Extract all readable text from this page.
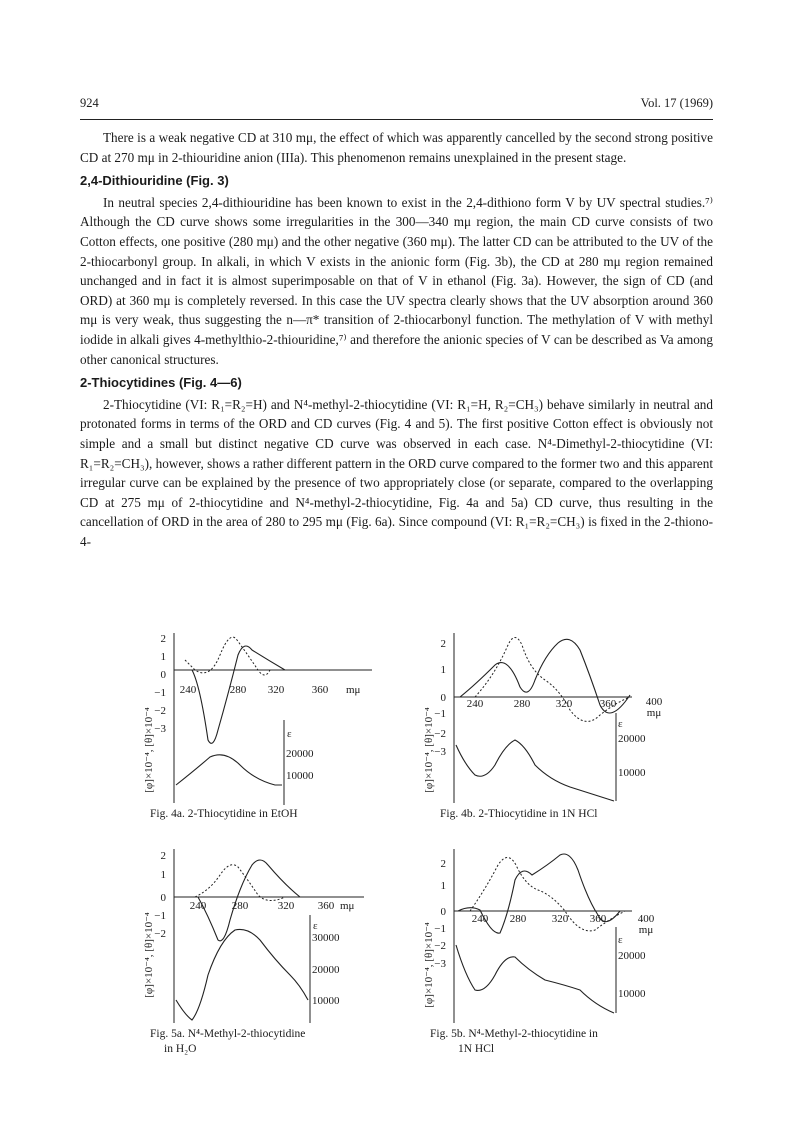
924	Vol. 17 (1969)

There is a weak negative CD at 310 mμ, the effect of which was apparently cancelled by the second strong positive CD at 270 mμ in 2-thiouridine anion (IIIa). This phenomenon remains unexplained in the present stage.

2,4-Dithiouridine (Fig. 3)

In neutral species 2,4-dithiouridine has been known to exist in the 2,4-dithiono form V by UV spectral studies.⁷⁾ Although the CD curve shows some irregularities in the 300—340 mμ region, the main CD curve consists of two Cotton effects, one positive (280 mμ) and the other negative (360 mμ). The latter CD can be attributed to the UV of the 2-thiocarbonyl group. In alkali, in which V exists in the anionic form (Fig. 3b), the CD at 280 mμ region remained unchanged and in fact it is almost superimposable on that of V in ethanol (Fig. 3a). However, the sign of CD (and ORD) at 360 mμ is completely reversed. In this case the UV spectra clearly shows that the UV absorption around 360 mμ is very weak, thus suggesting the n—π* transition of 2-thiocarbonyl function. The methylation of V with methyl iodide in alkali gives 4-methylthio-2-thiouridine,⁷⁾ and therefore the anionic species of V can be described as Va among other canonical structures.

2-Thiocytidines (Fig. 4—6)

2-Thiocytidine (VI: R₁=R₂=H) and N⁴-methyl-2-thiocytidine (VI: R₁=H, R₂=CH₃) behave similarly in neutral and protonated forms in terms of the ORD and CD curves (Fig. 4 and 5). The first positive Cotton effect is obviously not simple and a small but distinct negative CD curve was observed in each case. N⁴-Dimethyl-2-thiocytidine (VI: R₁=R₂=CH₃), however, shows a rather different pattern in the ORD curve compared to the former two and this apparent irregular curve can be explained by the presence of two appropriately close (or separate, compared to the overlapping CD at 275 mμ of 2-thiocytidine and N⁴-methyl-2-thiocytidine, Fig. 4a and 5a) CD curve, thus resulting in the cancellation of ORD in the area of 280 to 295 mμ (Fig. 6a). Since compound (VI: R₁=R₂=CH₃) is fixed in the 2-thiono-4-

[φ]×10⁻⁴, [θ]×10⁻⁴
2
1
0
−1
−2
−3
240	280 320	360 mμ
ε
20000
10000
Fig. 4a. 2-Thiocytidine in EtOH
[φ]×10⁻⁴, [θ]×10⁻⁴
2
1
0
−1
−2
−3
240	280 320	360	400
mμ
ε
20000
10000
Fig. 4b. 2-Thiocytidine in 1N HCl
[φ]×10⁻⁴, [θ]×10⁻⁴
2
1
0
−1
−2
240 280	320 360 mμ
ε
30000
20000
10000
Fig. 5a. N⁴-Methyl-2-thiocytidine
in H₂O
[φ]×10⁻⁴, [θ]×10⁻⁴
2
1
0
−1
−2
−3
240 280 320 360	400
mμ
ε
20000
10000
Fig. 5b. N⁴-Methyl-2-thiocytidine in
1N HCl
